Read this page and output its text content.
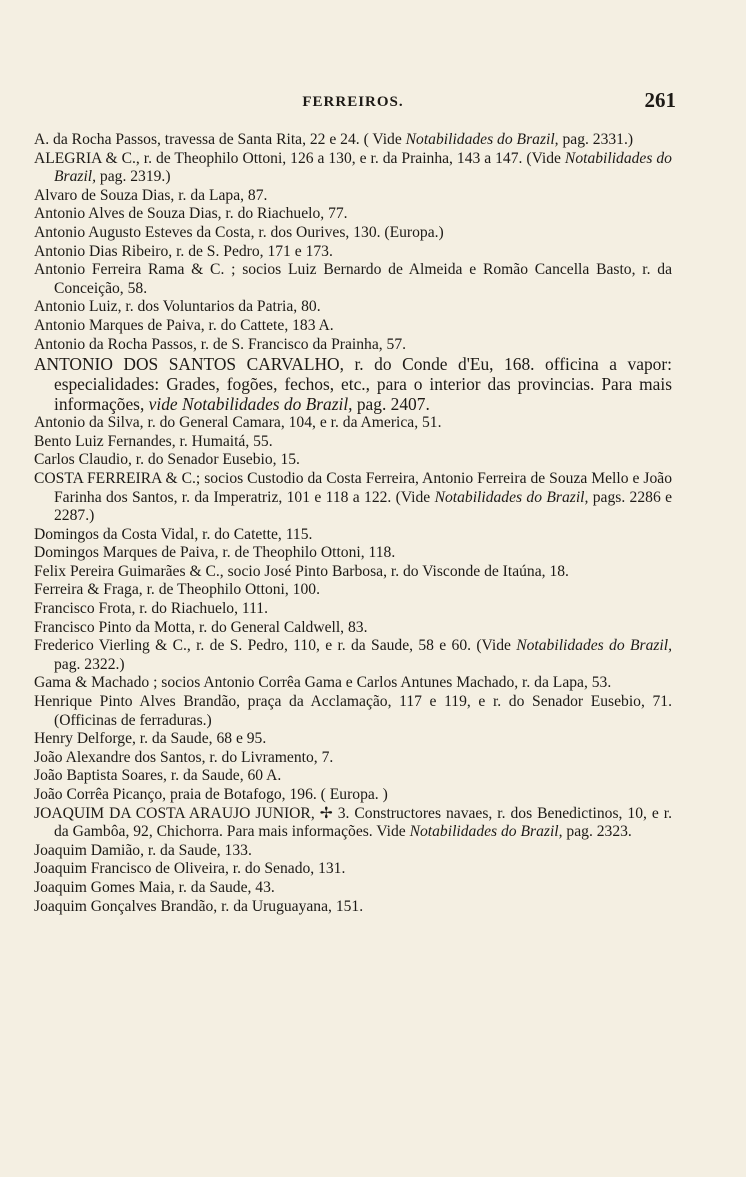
FERREIROS.	261
A. da Rocha Passos, travessa de Santa Rita, 22 e 24. ( Vide Notabilidades do Brazil, pag. 2331.)
ALEGRIA & C., r. de Theophilo Ottoni, 126 a 130, e r. da Prainha, 143 a 147. (Vide Notabilidades do Brazil, pag. 2319.)
Alvaro de Souza Dias, r. da Lapa, 87.
Antonio Alves de Souza Dias, r. do Riachuelo, 77.
Antonio Augusto Esteves da Costa, r. dos Ourives, 130. (Europa.)
Antonio Dias Ribeiro, r. de S. Pedro, 171 e 173.
Antonio Ferreira Rama & C. ; socios Luiz Bernardo de Almeida e Romão Cancella Basto, r. da Conceição, 58.
Antonio Luiz, r. dos Voluntarios da Patria, 80.
Antonio Marques de Paiva, r. do Cattete, 183 A.
Antonio da Rocha Passos, r. de S. Francisco da Prainha, 57.
ANTONIO DOS SANTOS CARVALHO, r. do Conde d'Eu, 168. officina a vapor: especialidades: Grades, fogões, fechos, etc., para o interior das provincias. Para mais informações, vide Notabilidades do Brazil, pag. 2407.
Antonio da Silva, r. do General Camara, 104, e r. da America, 51.
Bento Luiz Fernandes, r. Humaitá, 55.
Carlos Claudio, r. do Senador Eusebio, 15.
COSTA FERREIRA & C.; socios Custodio da Costa Ferreira, Antonio Ferreira de Souza Mello e João Farinha dos Santos, r. da Imperatriz, 101 e 118 a 122. (Vide Notabilidades do Brazil, pags. 2286 e 2287.)
Domingos da Costa Vidal, r. do Catette, 115.
Domingos Marques de Paiva, r. de Theophilo Ottoni, 118.
Felix Pereira Guimarães & C., socio José Pinto Barbosa, r. do Visconde de Itaúna, 18.
Ferreira & Fraga, r. de Theophilo Ottoni, 100.
Francisco Frota, r. do Riachuelo, 111.
Francisco Pinto da Motta, r. do General Caldwell, 83.
Frederico Vierling & C., r. de S. Pedro, 110, e r. da Saude, 58 e 60. (Vide Notabilidades do Brazil, pag. 2322.)
Gama & Machado ; socios Antonio Corrêa Gama e Carlos Antunes Machado, r. da Lapa, 53.
Henrique Pinto Alves Brandão, praça da Acclamação, 117 e 119, e r. do Senador Eusebio, 71. (Officinas de ferraduras.)
Henry Delforge, r. da Saude, 68 e 95.
João Alexandre dos Santos, r. do Livramento, 7.
João Baptista Soares, r. da Saude, 60 A.
João Corrêa Picanço, praia de Botafogo, 196. ( Europa. )
JOAQUIM DA COSTA ARAUJO JUNIOR, ✢ 3. Constructores navaes, r. dos Benedictinos, 10, e r. da Gambôa, 92, Chichorra. Para mais informações. Vide Notabilidades do Brazil, pag. 2323.
Joaquim Damião, r. da Saude, 133.
Joaquim Francisco de Oliveira, r. do Senado, 131.
Joaquim Gomes Maia, r. da Saude, 43.
Joaquim Gonçalves Brandão, r. da Uruguayana, 151.
